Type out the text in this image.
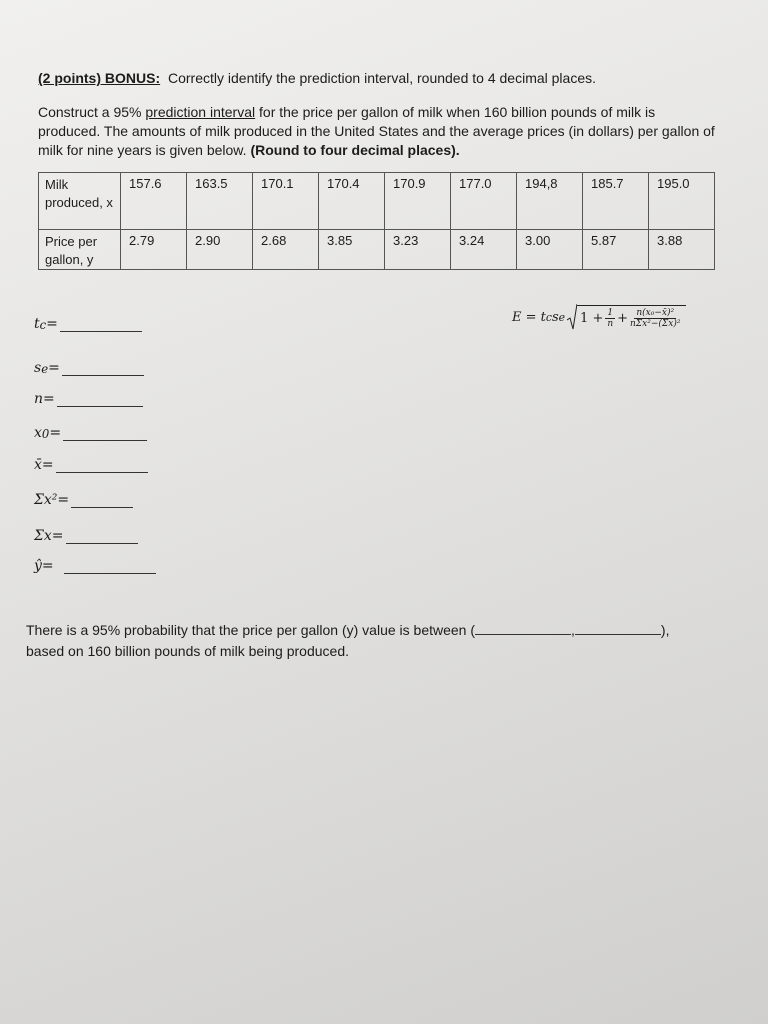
(2 points) BONUS: Correctly identify the prediction interval, rounded to 4 decimal places.
Construct a 95% prediction interval for the price per gallon of milk when 160 billion pounds of milk is produced. The amounts of milk produced in the United States and the average prices (in dollars) per gallon of milk for nine years is given below. (Round to four decimal places).
Milk produced, x	157.6	163.5	170.1	170.4	170.9	177.0	194,8	185.7	195.0
Price per gallon, y	2.79	2.90	2.68	3.85	3.23	3.24	3.00	5.87	3.88
E = t c s e $1 + \frac{1}{n} + \frac{\text{n(x₀−x̄)²}}{\text{nΣx²−(Σx)²}}$
t c =
s e =
n =
x 0 =
x̄ =
Σx² =
Σx =
ŷ =
There is a 95% probability that the price per gallon (y) value is between (	,	),
based on 160 billion pounds of milk being produced.
